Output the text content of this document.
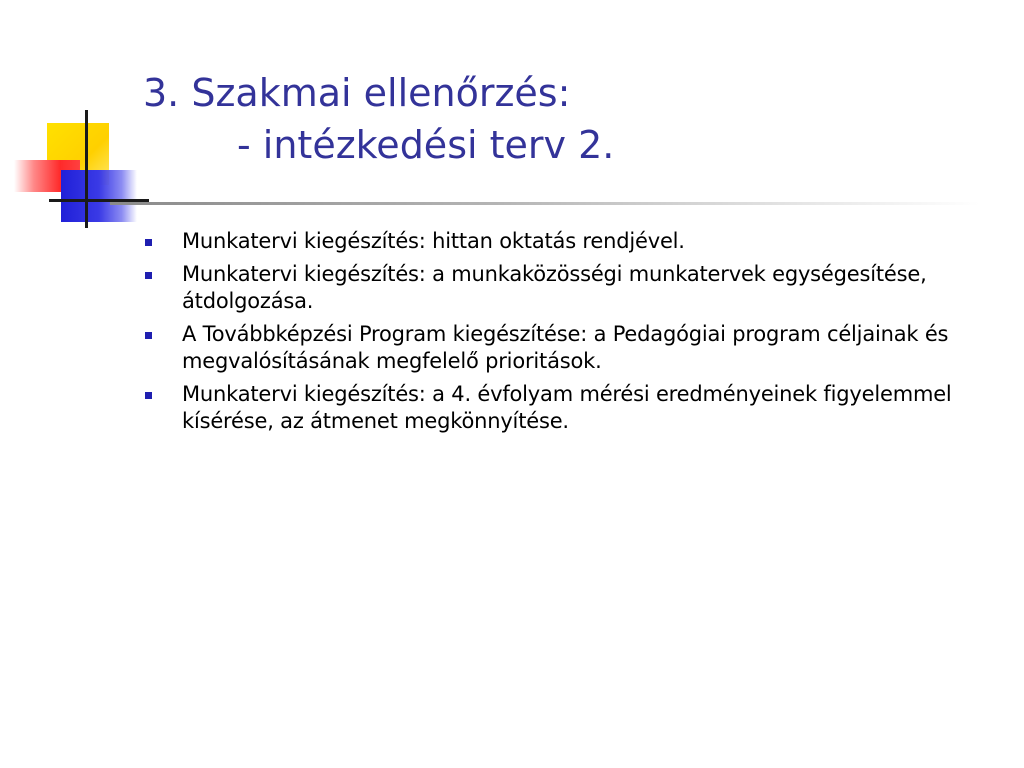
3. Szakmai ellenőrzés:
- intézkedési terv 2.
Munkatervi kiegészítés: hittan oktatás rendjével.
Munkatervi kiegészítés: a munkaközösségi munkatervek egységesítése, átdolgozása.
A Továbbképzési Program kiegészítése: a Pedagógiai program céljainak és megvalósításának megfelelő prioritások.
Munkatervi kiegészítés: a 4. évfolyam mérési eredményeinek figyelemmel kísérése, az átmenet megkönnyítése.
